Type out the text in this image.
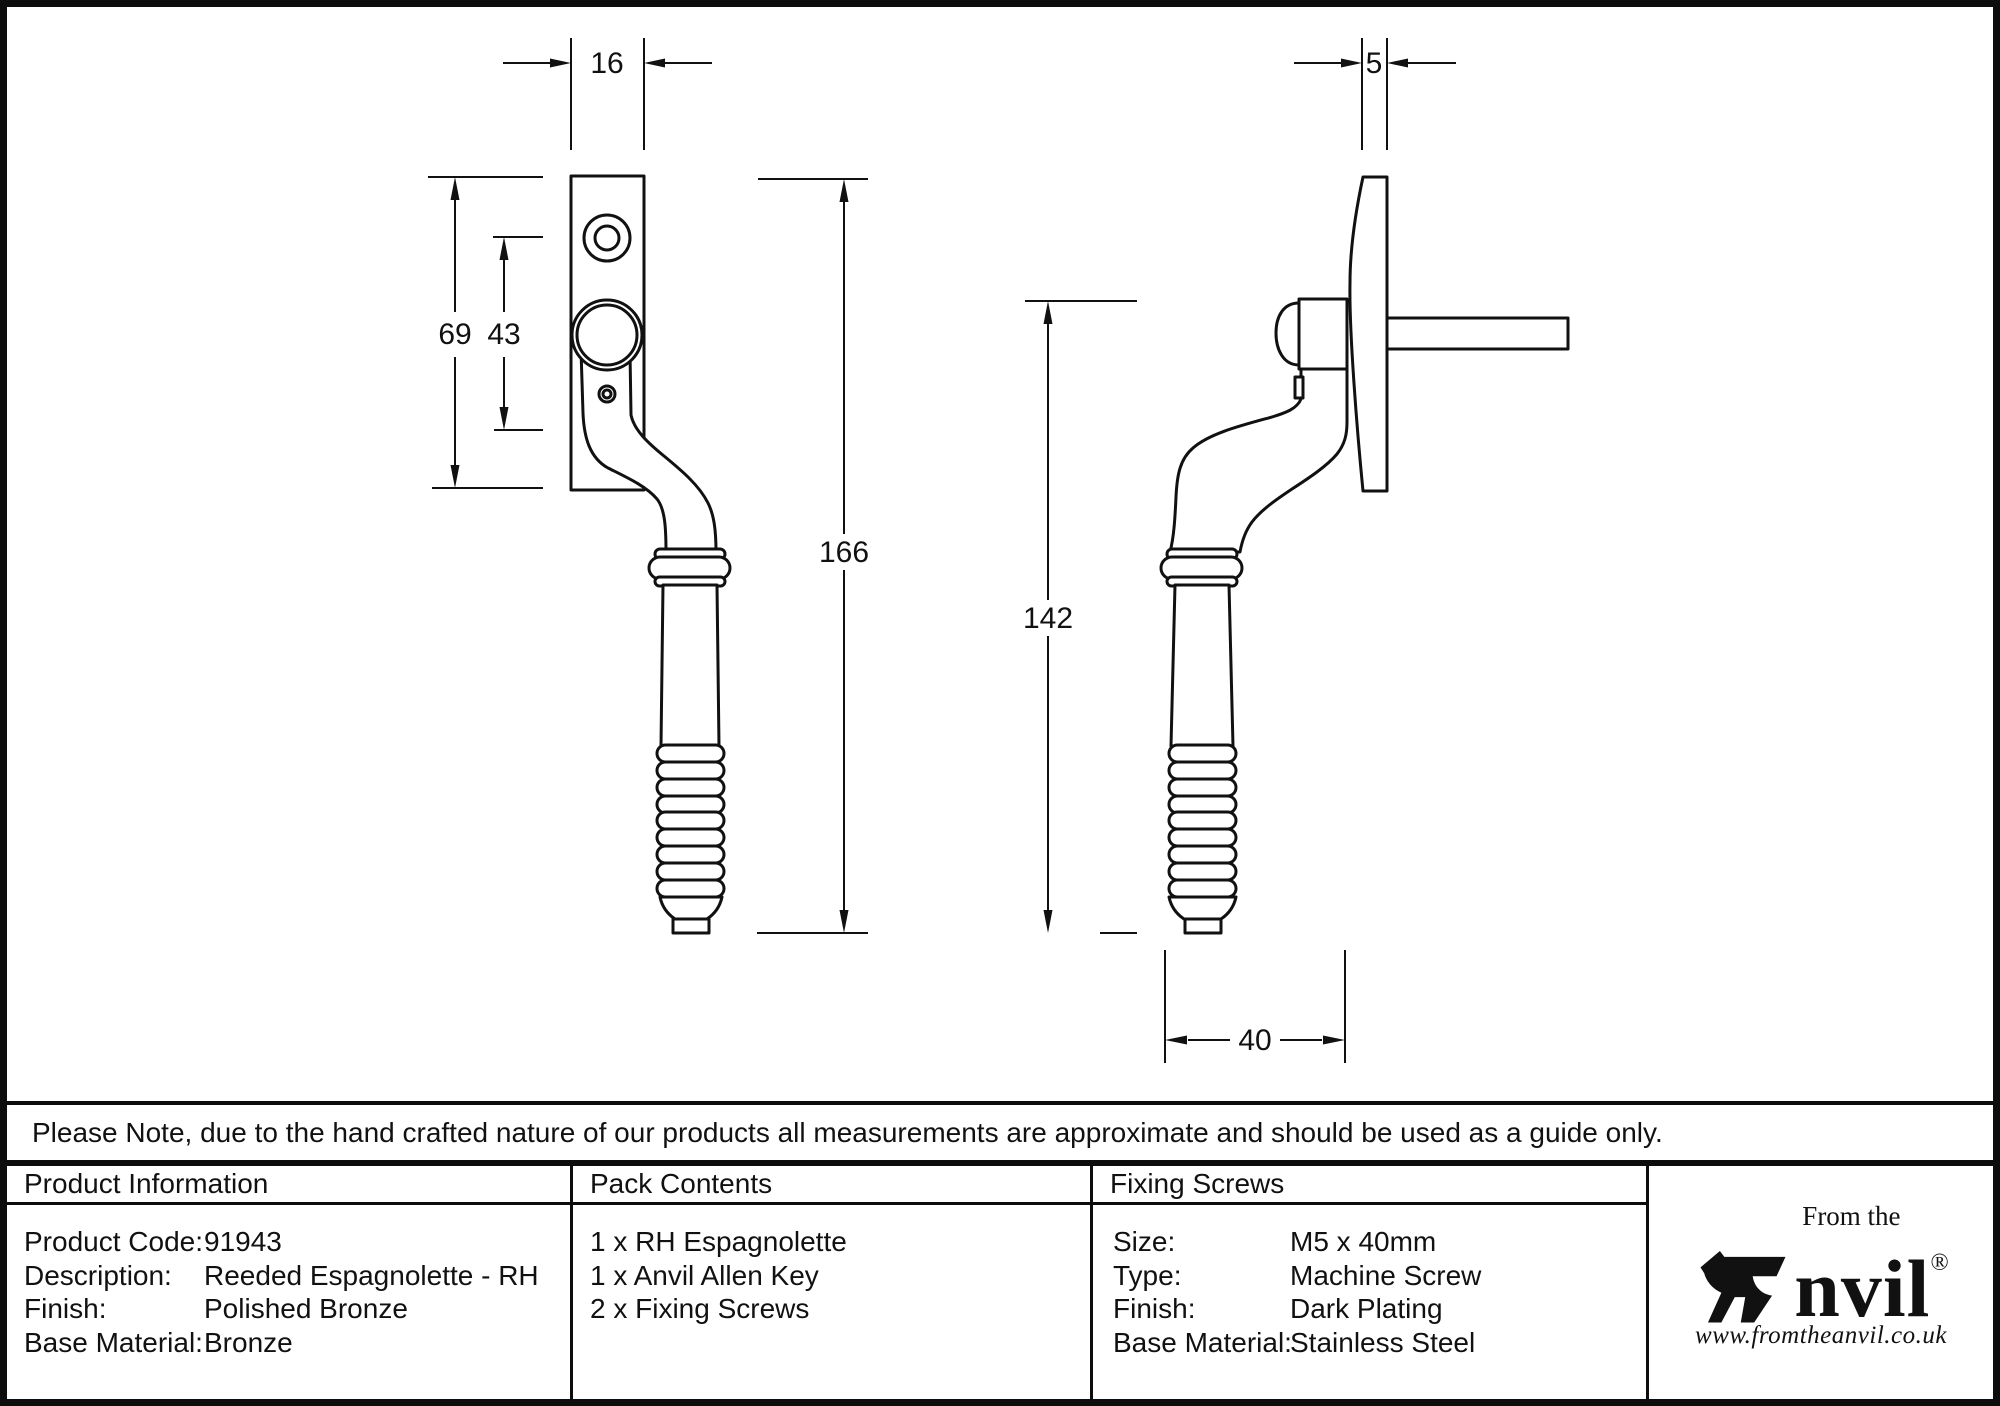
16
69 43
166
5
142
40
Please Note, due to the hand crafted nature of our products all measurements are approximate and should be used as a guide only.
Product Information	Pack Contents	Fixing Screws
Product Code:91943
Description: Reeded Espagnolette - RH
Finish:	Polished Bronze
Base Material:Bronze
1 x RH Espagnolette
1 x Anvil Allen Key
2 x Fixing Screws
Size:	M5 x 40mm
Type:	Machine Screw
Finish:	Dark Plating
Base Material:Stainless Steel
From the
nvil®
www.fromtheanvil.co.uk
